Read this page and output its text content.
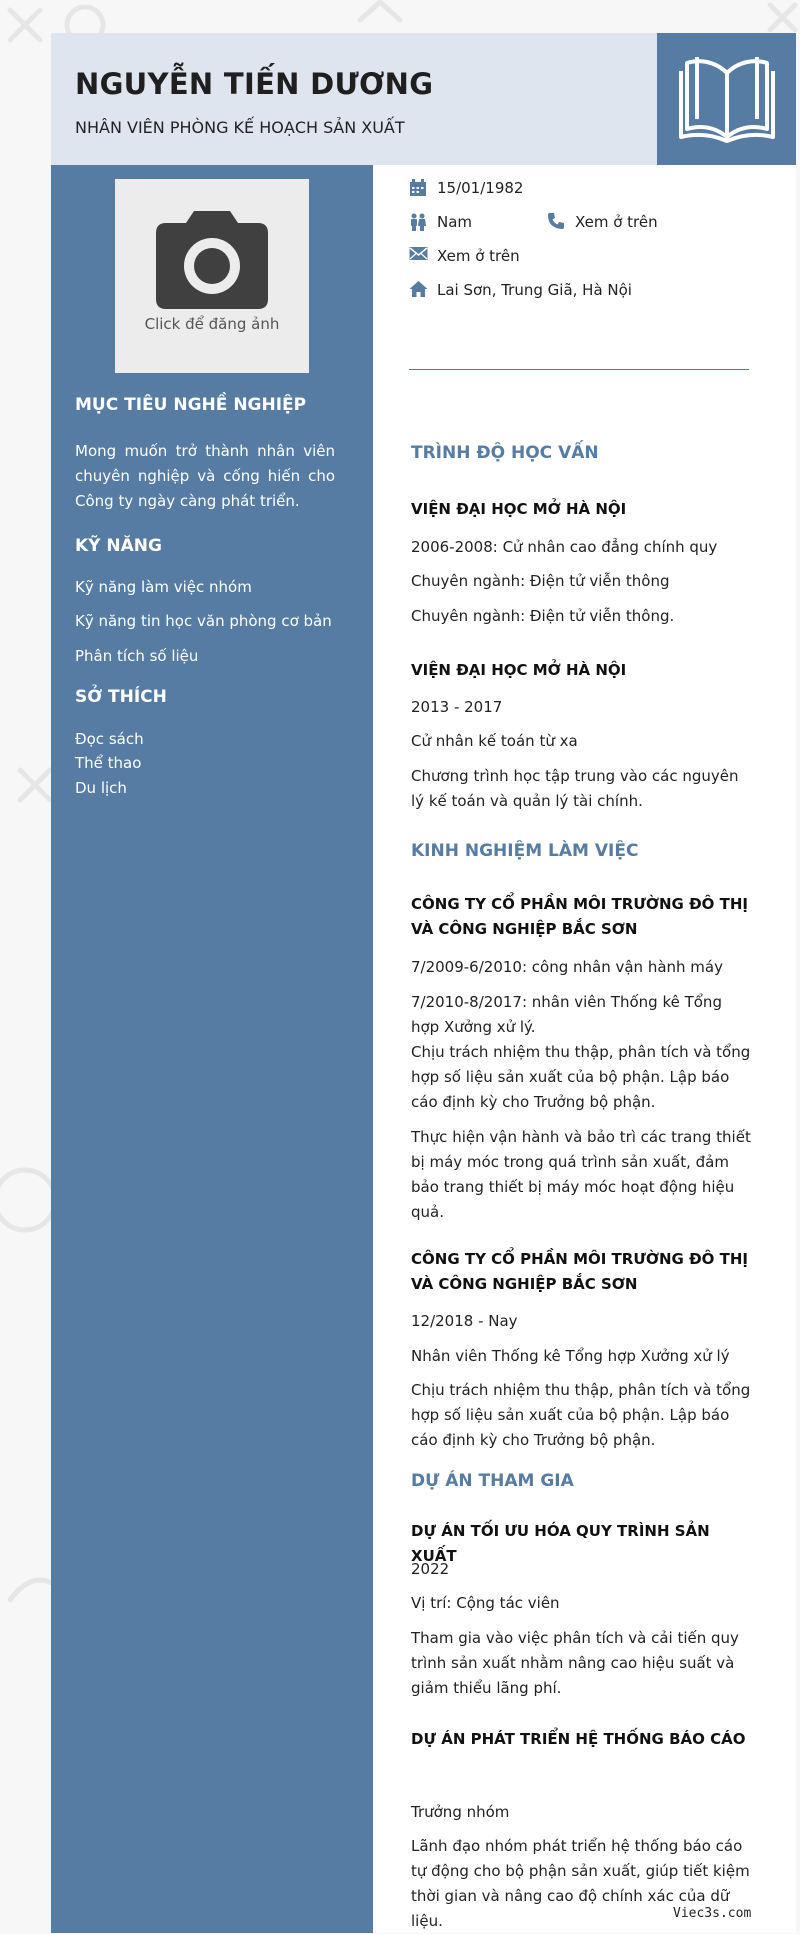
NGUYỄN TIẾN DƯƠNG
NHÂN VIÊN PHÒNG KẾ HOẠCH SẢN XUẤT
Click để đăng ảnh
MỤC TIÊU NGHỀ NGHIỆP
Mong muốn trở thành nhân viên chuyên nghiệp và cống hiến cho Công ty ngày càng phát triển.
KỸ NĂNG
Kỹ năng làm việc nhóm
Kỹ năng tin học văn phòng cơ bản
Phân tích số liệu
SỞ THÍCH
Đọc sách
Thể thao
Du lịch
15/01/1982
Nam	Xem ở trên
Xem ở trên
Lai Sơn, Trung Giã, Hà Nội
TRÌNH ĐỘ HỌC VẤN
VIỆN ĐẠI HỌC MỞ HÀ NỘI
2006-2008: Cử nhân cao đẳng chính quy
Chuyên ngành: Điện tử viễn thông
Chuyên ngành: Điện tử viễn thông.
VIỆN ĐẠI HỌC MỞ HÀ NỘI
2013 - 2017
Cử nhân kế toán từ xa
Chương trình học tập trung vào các nguyên lý kế toán và quản lý tài chính.
KINH NGHIỆM LÀM VIỆC
CÔNG TY CỔ PHẦN MÔI TRƯỜNG ĐÔ THỊ VÀ CÔNG NGHIỆP BẮC SƠN
7/2009-6/2010: công nhân vận hành máy
7/2010-8/2017: nhân viên Thống kê Tổng hợp Xưởng xử lý.
Chịu trách nhiệm thu thập, phân tích và tổng hợp số liệu sản xuất của bộ phận. Lập báo cáo định kỳ cho Trưởng bộ phận.
Thực hiện vận hành và bảo trì các trang thiết bị máy móc trong quá trình sản xuất, đảm bảo trang thiết bị máy móc hoạt động hiệu quả.
CÔNG TY CỔ PHẦN MÔI TRƯỜNG ĐÔ THỊ VÀ CÔNG NGHIỆP BẮC SƠN
12/2018 - Nay
Nhân viên Thống kê Tổng hợp Xưởng xử lý
Chịu trách nhiệm thu thập, phân tích và tổng hợp số liệu sản xuất của bộ phận. Lập báo cáo định kỳ cho Trưởng bộ phận.
DỰ ÁN THAM GIA
DỰ ÁN TỐI ƯU HÓA QUY TRÌNH SẢN XUẤT
2022
Vị trí: Cộng tác viên
Tham gia vào việc phân tích và cải tiến quy trình sản xuất nhằm nâng cao hiệu suất và giảm thiểu lãng phí.
DỰ ÁN PHÁT TRIỂN HỆ THỐNG BÁO CÁO
Trưởng nhóm
Lãnh đạo nhóm phát triển hệ thống báo cáo tự động cho bộ phận sản xuất, giúp tiết kiệm thời gian và nâng cao độ chính xác của dữ liệu.	Viec3s.com
